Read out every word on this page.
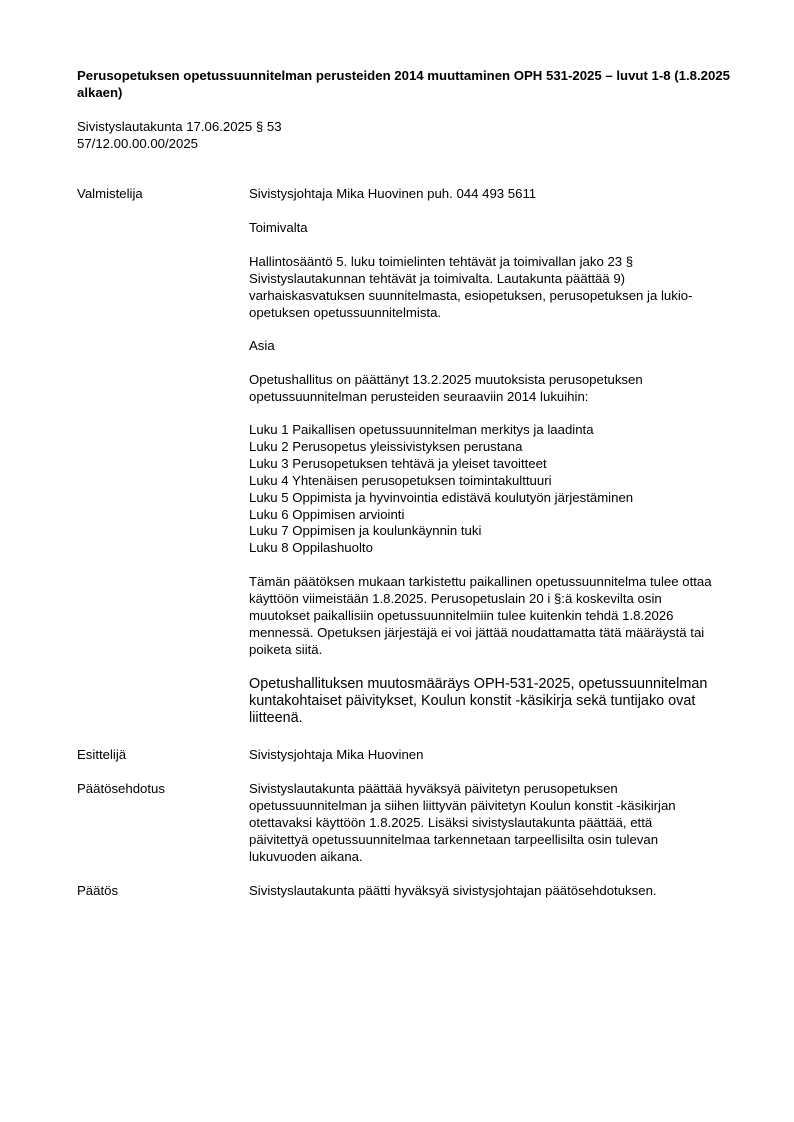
Perusopetuksen opetussuunnitelman perusteiden 2014 muuttaminen OPH 531-2025 – luvut 1-8 (1.8.2025 alkaen)
Sivistyslautakunta 17.06.2025 § 53
57/12.00.00.00/2025
Valmistelija	Sivistysjohtaja Mika Huovinen puh. 044 493 5611

Toimivalta
Hallintosääntö 5. luku toimielinten tehtävät ja toimivallan jako 23 § Sivistyslautakunnan tehtävät ja toimivalta. Lautakunta päättää 9) varhaiskasvatuksen suunnitelmasta, esiopetuksen, perusopetuksen ja lukio- opetuksen opetussuunnitelmista.
Asia
Opetushallitus on päättänyt 13.2.2025 muutoksista perusopetuksen opetussuunnitelman perusteiden seuraaviin 2014 lukuihin:
Luku 1 Paikallisen opetussuunnitelman merkitys ja laadinta
Luku 2 Perusopetus yleissivistyksen perustana
Luku 3 Perusopetuksen tehtävä ja yleiset tavoitteet
Luku 4 Yhtenäisen perusopetuksen toimintakulttuuri
Luku 5 Oppimista ja hyvinvointia edistävä koulutyön järjestäminen
Luku 6 Oppimisen arviointi
Luku 7 Oppimisen ja koulunkäynnin tuki
Luku 8 Oppilashuolto
Tämän päätöksen mukaan tarkistettu paikallinen opetussuunnitelma tulee ottaa käyttöön viimeistään 1.8.2025. Perusopetuslain 20 i §:ä koskevilta osin muutokset paikallisiin opetussuunnitelmiin tulee kuitenkin tehdä 1.8.2026 mennessä. Opetuksen järjestäjä ei voi jättää noudattamatta tätä määräystä tai poiketa siitä.
Opetushallituksen muutosmääräys OPH-531-2025, opetussuunnitelman kuntakohtaiset päivitykset, Koulun konstit -käsikirja sekä tuntijako ovat liitteenä.
Esittelijä	Sivistysjohtaja Mika Huovinen
Päätösehdotus	Sivistyslautakunta päättää hyväksyä päivitetyn perusopetuksen opetussuunnitelman ja siihen liittyvän päivitetyn Koulun konstit -käsikirjan otettavaksi käyttöön 1.8.2025. Lisäksi sivistyslautakunta päättää, että päivitettyä opetussuunnitelmaa tarkennetaan tarpeellisilta osin tulevan lukuvuoden aikana.
Päätös	Sivistyslautakunta päätti hyväksyä sivistysjohtajan päätösehdotuksen.
